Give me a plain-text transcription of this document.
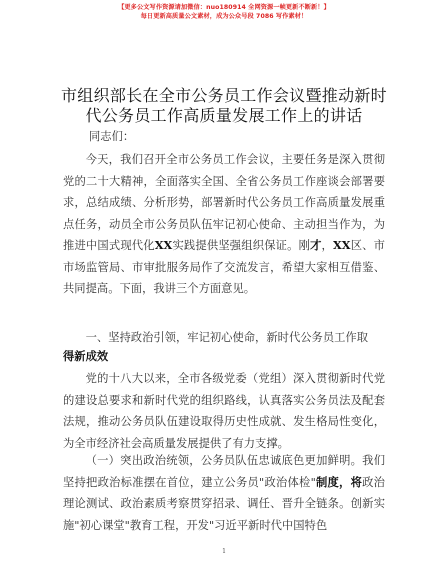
【更多公文写作资源请加微信：nuo180914 全网资源一帧更新不断新！】
每日更新高质量公文素材，成为公众号段 7086 写作素材！
市组织部长在全市公务员工作会议暨推动新时
代公务员工作高质量发展工作上的讲话
同志们：
今天，我们召开全市公务员工作会议，主要任务是深入贯彻党的二十大精神，全面落实全国、全省公务员工作座谈会部署要求，总结成绩、分析形势，部署新时代公务员工作高质量发展重点任务，动员全市公务员队伍牢记初心使命、主动担当作为，为推进中国式现代化XX实践提供坚强组织保证。刚才，XX区、市市场监管局、市审批服务局作了交流发言，希望大家相互借鉴、共同提高。下面，我讲三个方面意见。
一、坚持政治引领，牢记初心使命，新时代公务员工作取
得新成效
党的十八大以来，全市各级党委（党组）深入贯彻新时代党的建设总要求和新时代党的组织路线，认真落实公务员法及配套法规，推动公务员队伍建设取得历史性成就、发生格局性变化，为全市经济社会高质量发展提供了有力支撑。
（一）突出政治统领，公务员队伍忠诚底色更加鲜明。我们坚持把政治标准摆在首位，建立公务员"政治体检"制度，将政治理论测试、政治素质考察贯穿招录、调任、晋升全链条。创新实施"初心课堂"教育工程，开发"习近平新时代中国特色
1
